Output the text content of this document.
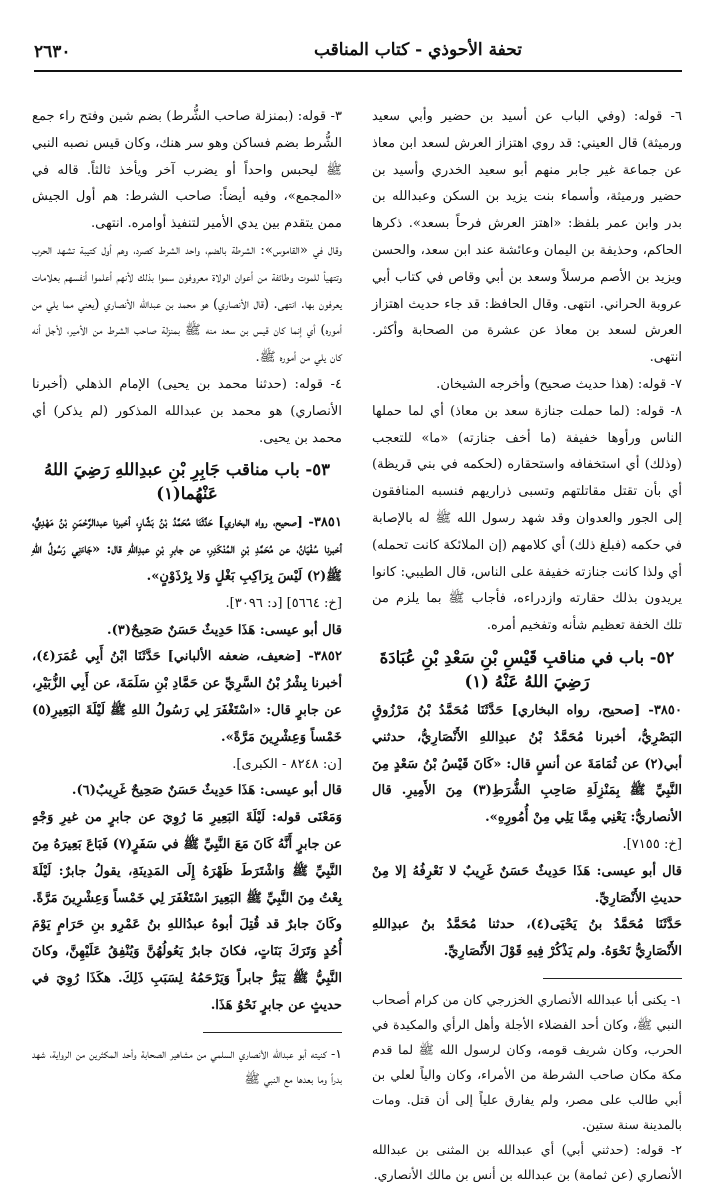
تحفة الأحوذي - كتاب المناقب
٢٦٣٠

٦- قوله: (وفي الباب عن أسيد بن حضير وأبي سعيد ورميثة) قال العيني: قد روي اهتزاز العرش لسعد ابن معاذ عن جماعة غير جابر منهم أبو سعيد الخدري وأسيد بن حضير ورميثة، وأسماء بنت يزيد بن السكن وعبدالله بن بدر وابن عمر بلفظ: «اهتز العرش فرحاً بسعد». ذكرها الحاكم، وحذيفة بن اليمان وعائشة عند ابن سعد، والحسن ويزيد بن الأصم مرسلاً وسعد بن أبي وقاص في كتاب أبي عروبة الحراني. انتهى. وقال الحافظ: قد جاء حديث اهتزاز العرش لسعد بن معاذ عن عشرة من الصحابة وأكثر. انتهى.

٧- قوله: (هذا حديث صحيح) وأخرجه الشيخان.

٨- قوله: (لما حملت جنازة سعد بن معاذ) أي لما حملها الناس ورأوها خفيفة (ما أخف جنازته) «ما» للتعجب (وذلك) أي استخفافه واستحقاره (لحكمه في بني قريظة) أي بأن تقتل مقاتلتهم وتسبى ذراريهم فنسبه المنافقون إلى الجور والعدوان وقد شهد رسول الله ﷺ له بالإصابة في حكمه (فبلغ ذلك) أي كلامهم (إن الملائكة كانت تحمله) أي ولذا كانت جنازته خفيفة على الناس، قال الطيبي: كانوا يريدون بذلك حقارته وازدراءه، فأجاب ﷺ بما يلزم من تلك الخفة تعظيم شأنه وتفخيم أمره.

٥٢- باب في مناقبِ قَيْسِ بْنِ سَعْدِ بْنِ عُبَادَةَ رَضِيَ اللهُ عَنْهُ (١)

٣٨٥٠- [صحيح، رواه البخاري] حَدَّثَنَا مُحَمَّدُ بْنُ مَرْزُوقٍ البَصْرِيُّ، أخبرنا مُحَمَّدُ بْنُ عبدِاللهِ الأَنْصَارِيُّ، حدثني أبي(٢) عن ثُمَامَةَ عن أنسٍ قال: «كَانَ قَيْسُ بْنُ سَعْدٍ مِنَ النَّبِيِّ ﷺ بِمَنْزِلَةِ صَاحِبِ الشُّرَطِ(٣) مِنَ الأَمِيرِ. قال الأنصاريُّ: يَعْنِي مِمَّا يَلِي مِنْ أُمُورِهِ».

[خ: ٧١٥٥].

قال أبو عيسى: هَذَا حَدِيثٌ حَسَنٌ غَرِيبٌ لا نَعْرِفُهُ إلا مِنْ حديثِ الأَنْصَارِيِّ.

حَدَّثَنَا مُحَمَّدُ بنُ يَحْيَى(٤)، حدثنا مُحَمَّدُ بنُ عبدِاللهِ الأَنْصَارِيُّ نَحْوَهُ. ولم يَذْكُرْ فِيهِ قَوْلَ الأَنْصَارِيِّ.

١- يكنى أبا عبدالله الأنصاري الخزرجي كان من كرام أصحاب النبي ﷺ، وكان أحد الفضلاء الأجلة وأهل الرأي والمكيدة في الحرب، وكان شريف قومه، وكان لرسول الله ﷺ لما قدم مكة مكان صاحب الشرطة من الأمراء، وكان والياً لعلي بن أبي طالب على مصر، ولم يفارق علياً إلى أن قتل. ومات بالمدينة سنة ستين.

٢- قوله: (حدثني أبي) أي عبدالله بن المثنى بن عبدالله الأنصاري (عن ثمامة) بن عبدالله بن أنس بن مالك الأنصاري.

٣- قوله: (بمنزلة صاحب الشُّرط) بضم شين وفتح راء جمع الشُّرط بضم فساكن وهو سر هنك، وكان قيس نصبه النبي ﷺ ليحبس واحداً أو يضرب آخر ويأخذ ثالثاً. قاله في «المجمع»، وفيه أيضاً: صاحب الشرط: هم أول الجيش ممن يتقدم بين يدي الأمير لتنفيذ أوامره. انتهى.

وقال في «القاموس»: الشرطة بالضم، واحد الشرط كصرد، وهم أول كتيبة تشهد الحرب وتتهيأ للموت وطائفة من أعوان الولاة معروفون سموا بذلك لأنهم أعلموا أنفسهم بعلامات يعرفون بها. انتهى. (قال الأنصاري) هو محمد بن عبدالله الأنصاري (يعني مما يلي من أموره) أي إنما كان قيس بن سعد منه ﷺ بمنزلة صاحب الشرط من الأمير، لأجل أنه كان يلي من أموره ﷺ.

٤- قوله: (حدثنا محمد بن يحيى) الإمام الذهلي (أخبرنا الأنصاري) هو محمد بن عبدالله المذكور (لم يذكر) أي محمد بن يحيى.

٥٣- باب مناقب جَابِرِ بْنِ عبدِاللهِ رَضِيَ اللهُ عَنْهُما(١)

٣٨٥١- [صحيح، رواه البخاري] حَدَّثَنَا مُحَمَّدُ بْنُ بَشَّارٍ، أخبرنا عبدالرَّحْمَنِ بْنُ مَهْدِيٍّ، أخبرنا سُفْيَانُ، عن مُحَمَّدِ بْنِ المُنْكَدِرِ، عن جابرِ بْنِ عبدِاللهِ قال: «جَاءَنِي رَسُولُ اللهِ ﷺ(٢) لَيْسَ بِرَاكِبِ بَغْلٍ وَلا بِرْذَوْنٍ».

[خ: ٥٦٦٤] [د: ٣٠٩٦].

قال أبو عيسى: هَذَا حَدِيثٌ حَسَنٌ صَحِيحٌ(٣).

٣٨٥٢- [ضعيف، ضعفه الألباني] حَدَّثَنَا ابْنُ أَبِي عُمَرَ(٤)، أخبرنا بِشْرُ بْنُ السَّرِيِّ عن حَمَّادِ بْنِ سَلَمَةَ، عن أَبِي الزُّبَيْرِ، عن جابرٍ قال: «اسْتَغْفَرَ لِي رَسُولُ اللهِ ﷺ لَيْلَةَ البَعِيرِ(٥) خَمْساً وَعِشْرِينَ مَرَّةً».

[ن: ٨٢٤٨ - الكبرى].

قال أبو عيسى: هَذَا حَدِيثٌ حَسَنٌ صَحِيحٌ غَرِيبٌ(٦).

وَمَعْنَى قوله: لَيْلَةَ البَعِيرِ مَا رُوِيَ عن جابرٍ من غيرِ وَجْهٍ عن جابرٍ أَنَّهُ كَانَ مَعَ النَّبِيِّ ﷺ في سَفَرٍ(٧) فَبَاعَ بَعِيرَهُ مِنَ النَّبِيِّ ﷺ وَاشْتَرَطَ ظَهْرَهُ إِلَى المَدِينَةِ، يقولُ جابرٌ: لَيْلَةَ بِعْتُ مِنَ النَّبِيِّ ﷺ البَعِيرَ اسْتَغْفَرَ لِي خَمْساً وَعِشْرِينَ مَرَّةً. وكَانَ جابرٌ قد قُتِلَ أبوهُ عبدُاللهِ بنُ عَمْرِو بنِ حَرَامٍ يَوْمَ أُحُدٍ وَتَرَكَ بَنَاتٍ، فكانَ جابرٌ يَعُولُهُنَّ وَيُنْفِقُ عَلَيْهِنَّ، وكانَ النَّبِيُّ ﷺ يَبَرُّ جابراً وَيَرْحَمُهُ لِسَبَبِ ذَلِكَ. هكَذَا رُوِيَ في حديثٍ عن جابرٍ نَحْوُ هَذَا.

١- كنيته أبو عبدالله الأنصاري السلمي من مشاهير الصحابة وأحد المكثرين من الرواية، شهد بدراً وما بعدها مع النبي ﷺ
